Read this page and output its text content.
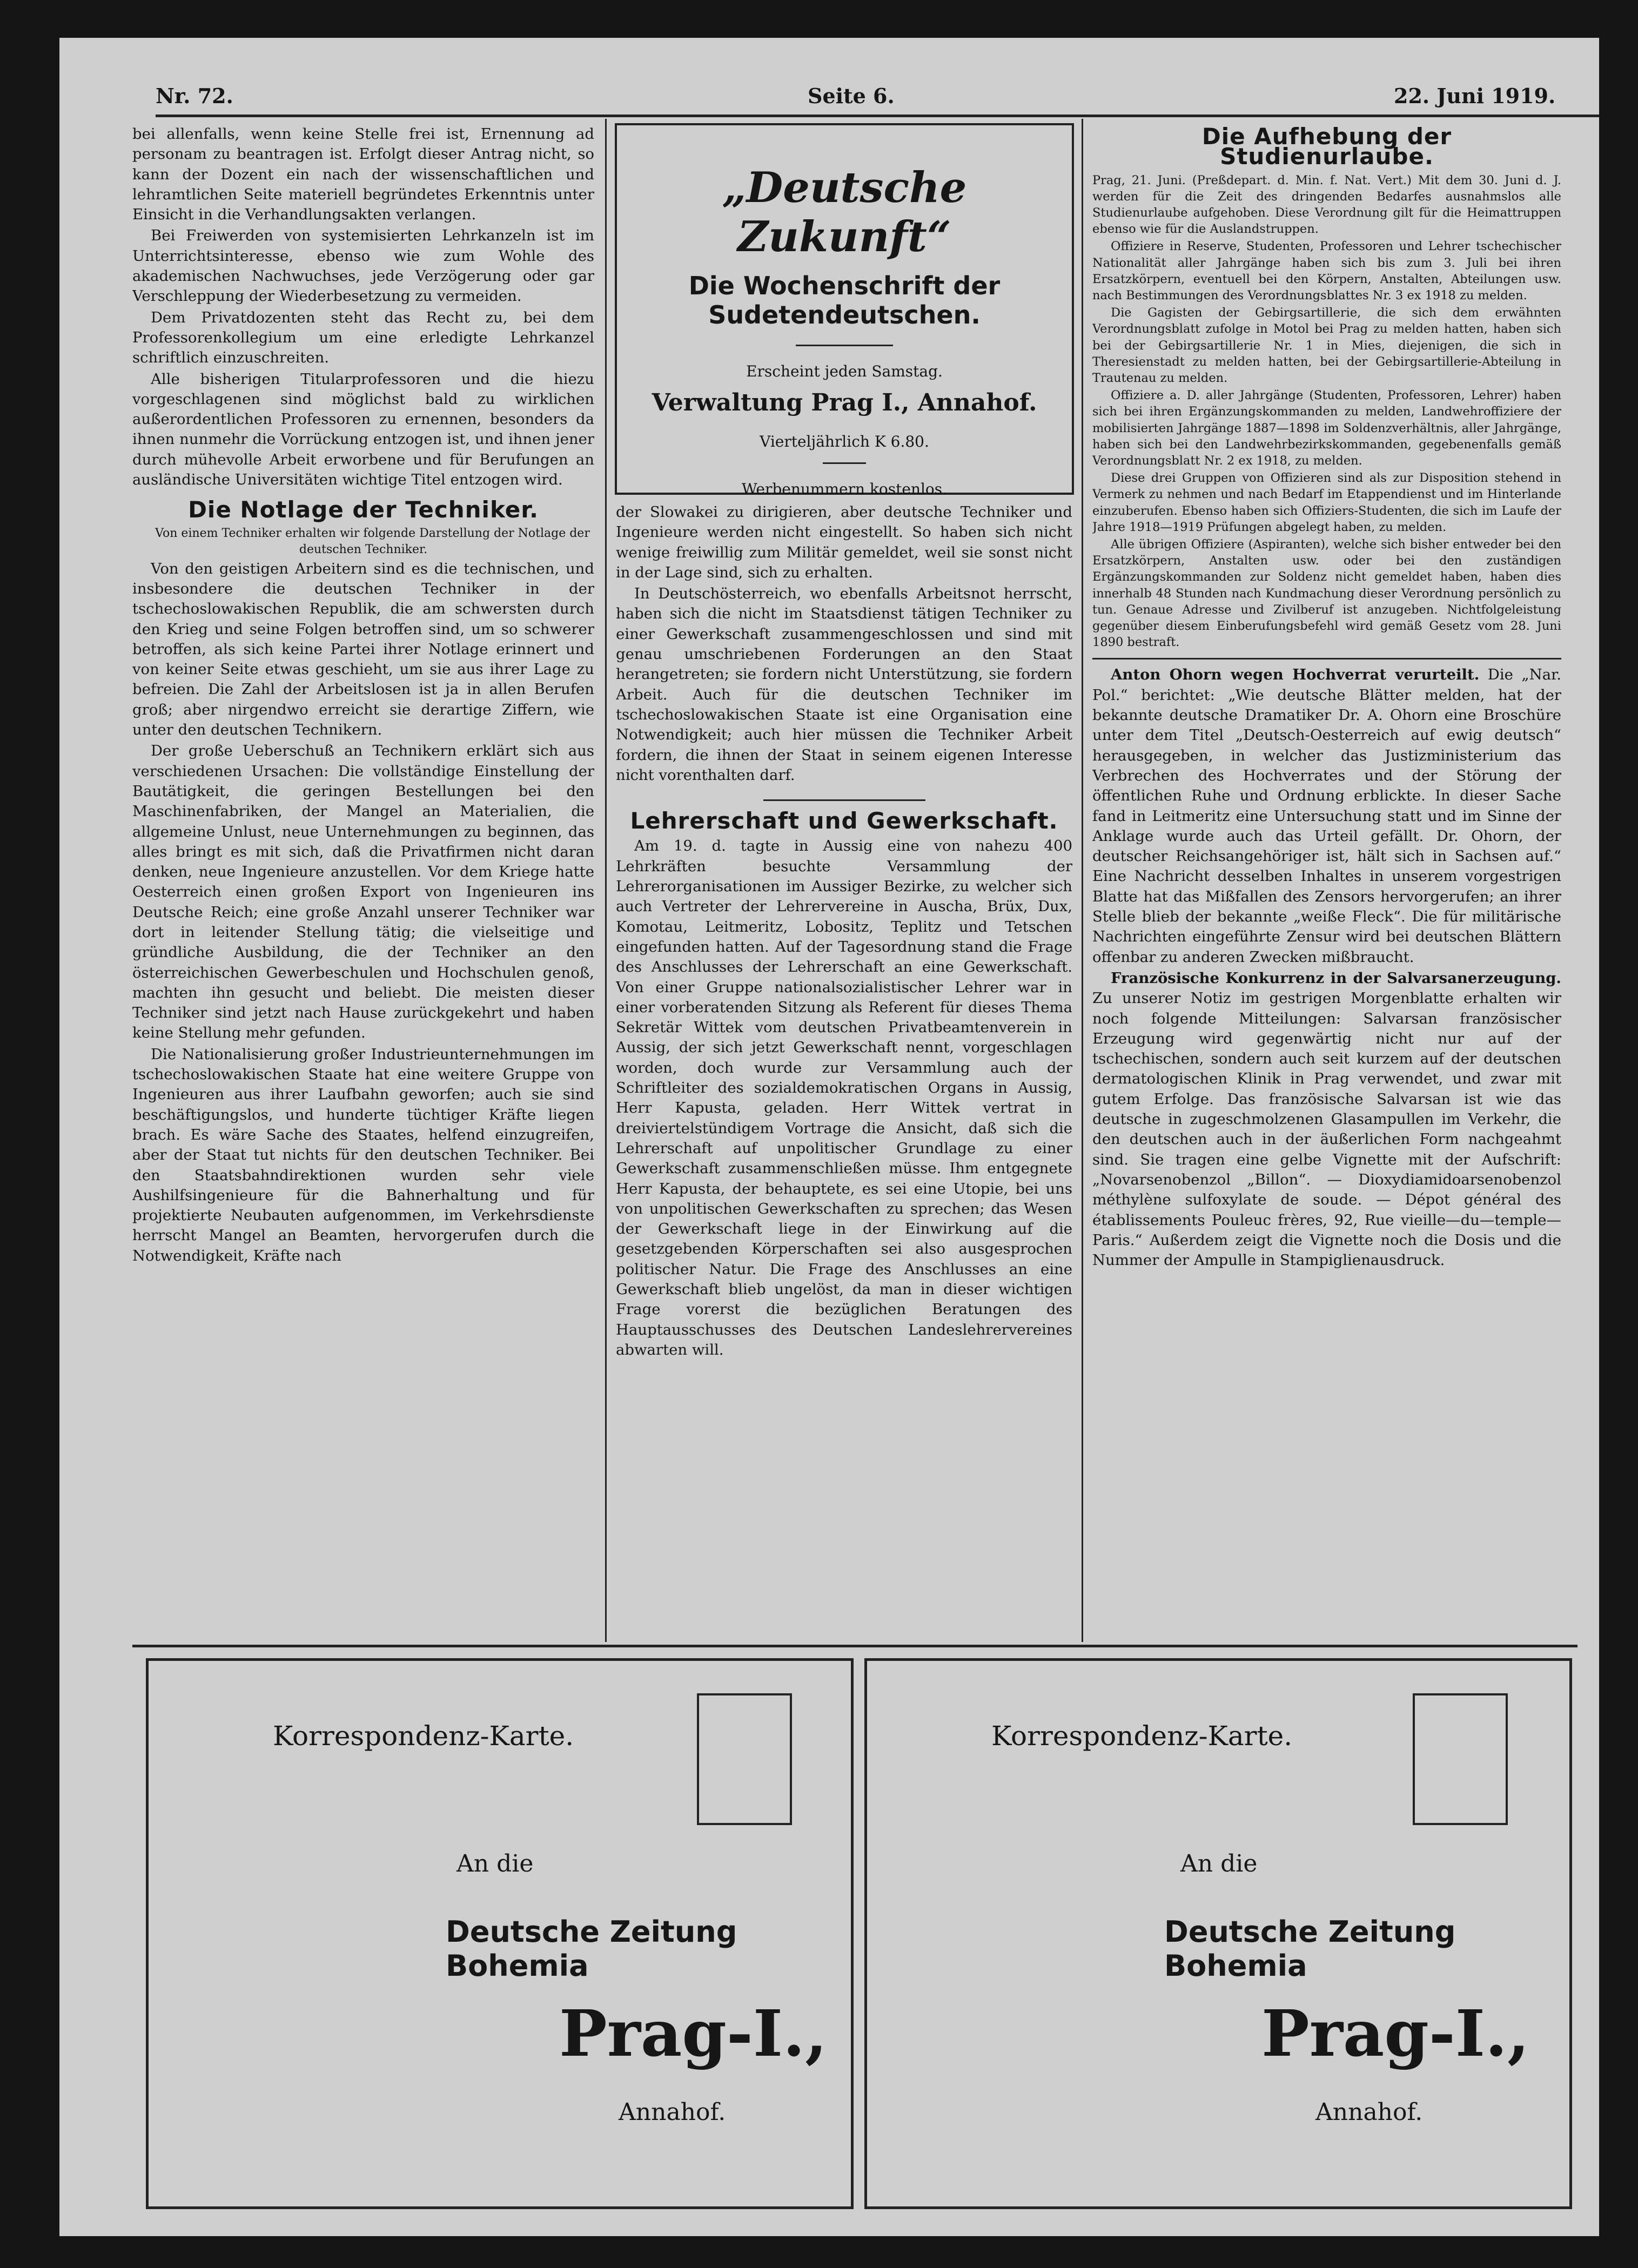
Nr. 72.	Seite 6.	22. Juni 1919.

bei allenfalls, wenn keine Stelle frei ist, Ernennung ad personam zu beantragen ist. Erfolgt dieser Antrag nicht, so kann der Dozent ein nach der wissenschaftlichen und lehramtlichen Seite materiell begründetes Erkenntnis unter Einsicht in die Verhandlungsakten verlangen.

Bei Freiwerden von systemisierten Lehrkanzeln ist im Unterrichtsinteresse, ebenso wie zum Wohle des akademischen Nachwuchses, jede Verzögerung oder gar Verschleppung der Wiederbesetzung zu vermeiden.

Dem Privatdozenten steht das Recht zu, bei dem Professorenkollegium um eine erledigte Lehrkanzel schriftlich einzuschreiten.

Alle bisherigen Titularprofessoren und die hiezu vorgeschlagenen sind möglichst bald zu wirklichen außerordentlichen Professoren zu ernennen, besonders da ihnen nunmehr die Vorrückung entzogen ist, und ihnen jener durch mühevolle Arbeit erworbene und für Berufungen an ausländische Universitäten wichtige Titel entzogen wird.

Die Notlage der Techniker.

Von einem Techniker erhalten wir folgende Darstellung der Notlage der deutschen Techniker.

Von den geistigen Arbeitern sind es die technischen, und insbesondere die deutschen Techniker in der tschechoslowakischen Republik, die am schwersten durch den Krieg und seine Folgen betroffen sind, um so schwerer betroffen, als sich keine Partei ihrer Notlage erinnert und von keiner Seite etwas geschieht, um sie aus ihrer Lage zu befreien. Die Zahl der Arbeitslosen ist ja in allen Berufen groß; aber nirgendwo erreicht sie derartige Ziffern, wie unter den deutschen Technikern.

Der große Ueberschuß an Technikern erklärt sich aus verschiedenen Ursachen: Die vollständige Einstellung der Bautätigkeit, die geringen Bestellungen bei den Maschinenfabriken, der Mangel an Materialien, die allgemeine Unlust, neue Unternehmungen zu beginnen, das alles bringt es mit sich, daß die Privatfirmen nicht daran denken, neue Ingenieure anzustellen. Vor dem Kriege hatte Oesterreich einen großen Export von Ingenieuren ins Deutsche Reich; eine große Anzahl unserer Techniker war dort in leitender Stellung tätig; die vielseitige und gründliche Ausbildung, die der Techniker an den österreichischen Gewerbeschulen und Hochschulen genoß, machten ihn gesucht und beliebt. Die meisten dieser Techniker sind jetzt nach Hause zurückgekehrt und haben keine Stellung mehr gefunden.

Die Nationalisierung großer Industrieunternehmungen im tschechoslowakischen Staate hat eine weitere Gruppe von Ingenieuren aus ihrer Laufbahn geworfen; auch sie sind beschäftigungslos, und hunderte tüchtiger Kräfte liegen brach. Es wäre Sache des Staates, helfend einzugreifen, aber der Staat tut nichts für den deutschen Techniker. Bei den Staatsbahndirektionen wurden sehr viele Aushilfsingenieure für die Bahnerhaltung und für projektierte Neubauten aufgenommen, im Verkehrsdienste herrscht Mangel an Beamten, hervorgerufen durch die Notwendigkeit, Kräfte nach

„Deutsche Zukunft“
Die Wochenschrift der Sudetendeutschen.
Erscheint jeden Samstag.
Verwaltung Prag I., Annahof.
Vierteljährlich K 6.80.
Werbenummern kostenlos.

der Slowakei zu dirigieren, aber deutsche Techniker und Ingenieure werden nicht eingestellt. So haben sich nicht wenige freiwillig zum Militär gemeldet, weil sie sonst nicht in der Lage sind, sich zu erhalten.

In Deutschösterreich, wo ebenfalls Arbeitsnot herrscht, haben sich die nicht im Staatsdienst tätigen Techniker zu einer Gewerkschaft zusammengeschlossen und sind mit genau umschriebenen Forderungen an den Staat herangetreten; sie fordern nicht Unterstützung, sie fordern Arbeit. Auch für die deutschen Techniker im tschechoslowakischen Staate ist eine Organisation eine Notwendigkeit; auch hier müssen die Techniker Arbeit fordern, die ihnen der Staat in seinem eigenen Interesse nicht vorenthalten darf.

Lehrerschaft und Gewerkschaft.

Am 19. d. tagte in Aussig eine von nahezu 400 Lehrkräften besuchte Versammlung der Lehrerorganisationen im Aussiger Bezirke, zu welcher sich auch Vertreter der Lehrervereine in Auscha, Brüx, Dux, Komotau, Leitmeritz, Lobositz, Teplitz und Tetschen eingefunden hatten. Auf der Tagesordnung stand die Frage des Anschlusses der Lehrerschaft an eine Gewerkschaft. Von einer Gruppe nationalsozialistischer Lehrer war in einer vorberatenden Sitzung als Referent für dieses Thema Sekretär Wittek vom deutschen Privatbeamtenverein in Aussig, der sich jetzt Gewerkschaft nennt, vorgeschlagen worden, doch wurde zur Versammlung auch der Schriftleiter des sozialdemokratischen Organs in Aussig, Herr Kapusta, geladen. Herr Wittek vertrat in dreiviertelstündigem Vortrage die Ansicht, daß sich die Lehrerschaft auf unpolitischer Grundlage zu einer Gewerkschaft zusammenschließen müsse. Ihm entgegnete Herr Kapusta, der behauptete, es sei eine Utopie, bei uns von unpolitischen Gewerkschaften zu sprechen; das Wesen der Gewerkschaft liege in der Einwirkung auf die gesetzgebenden Körperschaften sei also ausgesprochen politischer Natur. Die Frage des Anschlusses an eine Gewerkschaft blieb ungelöst, da man in dieser wichtigen Frage vorerst die bezüglichen Beratungen des Hauptausschusses des Deutschen Landeslehrervereines abwarten will.

Die Aufhebung der Studienurlaube.

Prag, 21. Juni. (Preßdepart. d. Min. f. Nat. Vert.) Mit dem 30. Juni d. J. werden für die Zeit des dringenden Bedarfes ausnahmslos alle Studienurlaube aufgehoben. Diese Verordnung gilt für die Heimattruppen ebenso wie für die Auslandstruppen.

Offiziere in Reserve, Studenten, Professoren und Lehrer tschechischer Nationalität aller Jahrgänge haben sich bis zum 3. Juli bei ihren Ersatzkörpern, eventuell bei den Körpern, Anstalten, Abteilungen usw. nach Bestimmungen des Verordnungsblattes Nr. 3 ex 1918 zu melden.

Die Gagisten der Gebirgsartillerie, die sich dem erwähnten Verordnungsblatt zufolge in Motol bei Prag zu melden hatten, haben sich bei der Gebirgsartillerie Nr. 1 in Mies, diejenigen, die sich in Theresienstadt zu melden hatten, bei der Gebirgsartillerie-Abteilung in Trautenau zu melden.

Offiziere a. D. aller Jahrgänge (Studenten, Professoren, Lehrer) haben sich bei ihren Ergänzungskommanden zu melden, Landwehroffiziere der mobilisierten Jahrgänge 1887—1898 im Soldenzverhältnis, aller Jahrgänge, haben sich bei den Landwehrbezirkskommanden, gegebenenfalls gemäß Verordnungsblatt Nr. 2 ex 1918, zu melden.

Diese drei Gruppen von Offizieren sind als zur Disposition stehend in Vermerk zu nehmen und nach Bedarf im Etappendienst und im Hinterlande einzuberufen. Ebenso haben sich Offiziers-Studenten, die sich im Laufe der Jahre 1918—1919 Prüfungen abgelegt haben, zu melden.

Alle übrigen Offiziere (Aspiranten), welche sich bisher entweder bei den Ersatzkörpern, Anstalten usw. oder bei den zuständigen Ergänzungskommanden zur Soldenz nicht gemeldet haben, haben dies innerhalb 48 Stunden nach Kundmachung dieser Verordnung persönlich zu tun. Genaue Adresse und Zivilberuf ist anzugeben. Nichtfolgeleistung gegenüber diesem Einberufungsbefehl wird gemäß Gesetz vom 28. Juni 1890 bestraft.

Anton Ohorn wegen Hochverrat verurteilt. Die „Nar. Pol.“ berichtet: „Wie deutsche Blätter melden, hat der bekannte deutsche Dramatiker Dr. A. Ohorn eine Broschüre unter dem Titel „Deutsch-Oesterreich auf ewig deutsch“ herausgegeben, in welcher das Justizministerium das Verbrechen des Hochverrates und der Störung der öffentlichen Ruhe und Ordnung erblickte. In dieser Sache fand in Leitmeritz eine Untersuchung statt und im Sinne der Anklage wurde auch das Urteil gefällt. Dr. Ohorn, der deutscher Reichsangehöriger ist, hält sich in Sachsen auf.“ Eine Nachricht desselben Inhaltes in unserem vorgestrigen Blatte hat das Mißfallen des Zensors hervorgerufen; an ihrer Stelle blieb der bekannte „weiße Fleck“. Die für militärische Nachrichten eingeführte Zensur wird bei deutschen Blättern offenbar zu anderen Zwecken mißbraucht.

Französische Konkurrenz in der Salvarsanerzeugung. Zu unserer Notiz im gestrigen Morgenblatte erhalten wir noch folgende Mitteilungen: Salvarsan französischer Erzeugung wird gegenwärtig nicht nur auf der tschechischen, sondern auch seit kurzem auf der deutschen dermatologischen Klinik in Prag verwendet, und zwar mit gutem Erfolge. Das französische Salvarsan ist wie das deutsche in zugeschmolzenen Glasampullen im Verkehr, die den deutschen auch in der äußerlichen Form nachgeahmt sind. Sie tragen eine gelbe Vignette mit der Aufschrift: „Novarsenobenzol „Billon“. — Dioxydiamidoarsenobenzol méthylène sulfoxylate de soude. — Dépot général des établissements Pouleuc frères, 92, Rue vieille—du—temple—Paris.“ Außerdem zeigt die Vignette noch die Dosis und die Nummer der Ampulle in Stampiglienausdruck.

Korrespondenz-Karte.
An die
Deutsche Zeitung Bohemia
Prag-I.,
Annahof.
Korrespondenz-Karte.
An die
Deutsche Zeitung Bohemia
Prag-I.,
Annahof.
